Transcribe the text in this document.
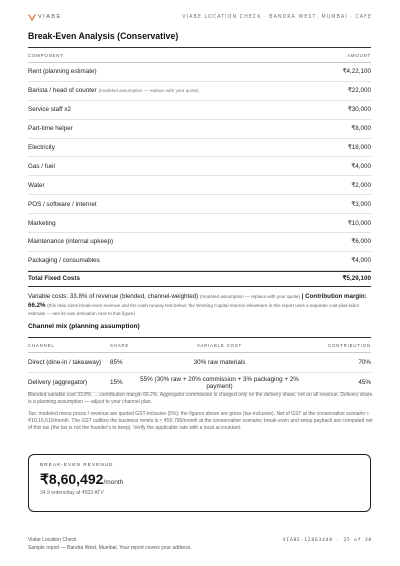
VIABE	VIABE LOCATION CHECK · BANDRA WEST, MUMBAI · CAFE
Break-Even Analysis (Conservative)
COMPONENT	AMOUNT
Rent (planning estimate)	₹4,22,100
Barista / head of counter (modeled assumption — replace with your quote)	₹22,000
Service staff x2	₹30,000
Part-time helper	₹8,000
Electricity	₹18,000
Gas / fuel	₹4,000
Water	₹2,000
POS / software / internet	₹3,000
Marketing	₹10,000
Maintenance (internal upkeep)	₹6,000
Packaging / consumables	₹4,000
Total Fixed Costs	₹5,29,100
Variable costs: 33.8% of revenue (blended, channel-weighted) (modeled assumption — replace with your quote) | Contribution margin: 66.2% (this ratio sizes break-even revenue and the cash-runway test below; the Working Capital reserve elsewhere in this report uses a separate cost-plus-labor estimate — see its own derivation next to that figure)
Channel mix (planning assumption)
CHANNEL	SHARE	VARIABLE COST	CONTRIBUTION
Direct (dine-in / takeaway)	85%	30% raw materials	70%
Delivery (aggregator)	15%	55% (30% raw + 20% commission + 3% packaging + 2% payment)	45%
Blended variable cost 33.8% → contribution margin 66.2%. Aggregator commission is charged only on the delivery share, not on all revenue. Delivery share is a planning assumption — adjust to your channel plan.
Tax: modeled menu prices / revenue are quoted GST-inclusive (5%); the figures above are gross (tax-inclusive). Net of GST at the conservative scenario ≈ ₹10,15,610/month. The GST outflow the business remits is ≈ ₹50,790/month at the conservative scenario; break-even and setup payback are computed net of this tax (the tax is not the founder's to keep). Verify the applicable rate with a local accountant.
BREAK-EVEN REVENUE
₹8,60,492/month
34.9 orders/day at ₹823 ATV
Viabe Location Check
Sample report — Bandra West, Mumbai. Your report covers your address.
VIABE-12863448 · 25 of 38
